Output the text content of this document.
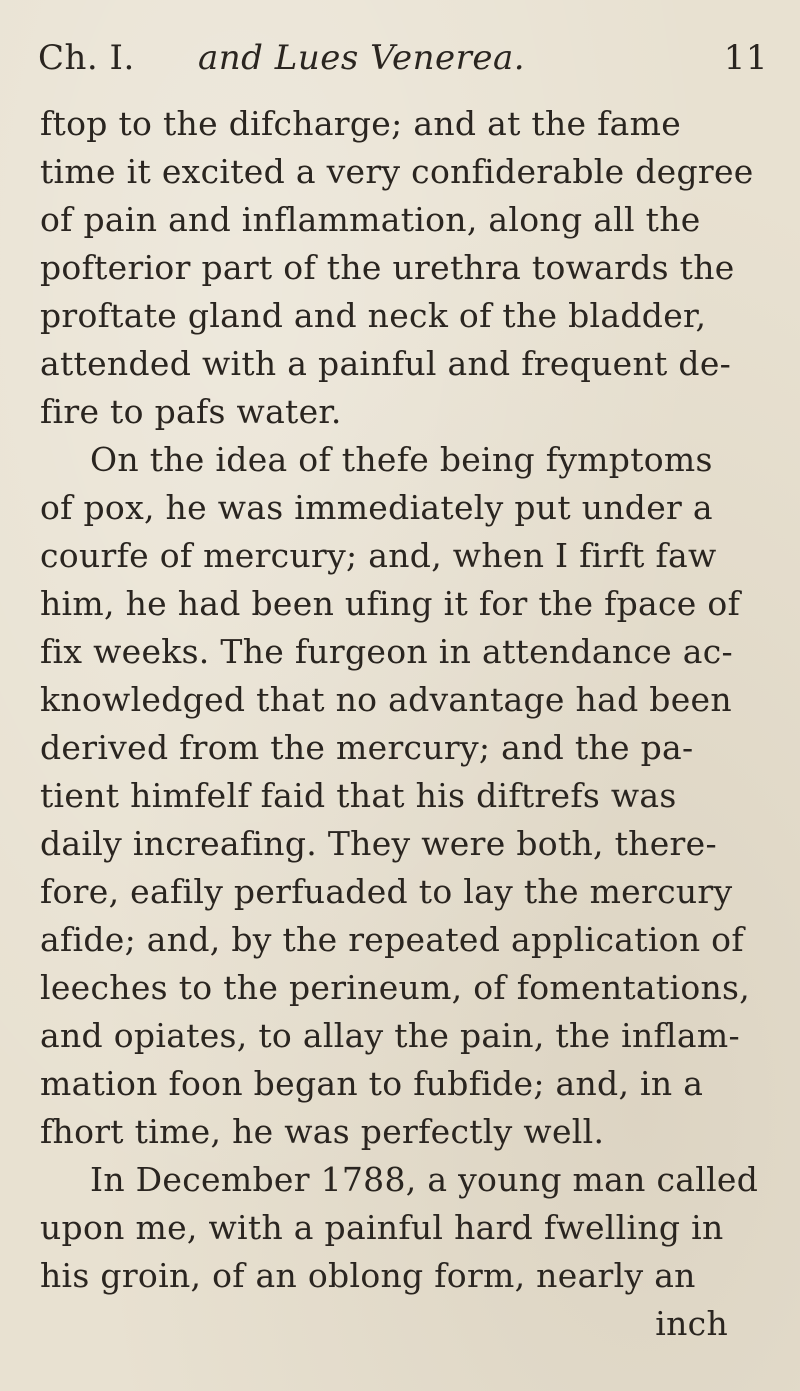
Ch. I. and Lues Venerea.	11
ftop to the difcharge; and at the fame
time it excited a very confiderable degree
of pain and inflammation, along all the
pofterior part of the urethra towards the
proftate gland and neck of the bladder,
attended with a painful and frequent de-
fire to pafs water.
On the idea of thefe being fymptoms
of pox, he was immediately put under a
courfe of mercury; and, when I firft faw
him, he had been ufing it for the fpace of
fix weeks. The furgeon in attendance ac-
knowledged that no advantage had been
derived from the mercury; and the pa-
tient himfelf faid that his diftrefs was
daily increafing. They were both, there-
fore, eafily perfuaded to lay the mercury
afide; and, by the repeated application of
leeches to the perineum, of fomentations,
and opiates, to allay the pain, the inflam-
mation foon began to fubfide; and, in a
fhort time, he was perfectly well.
In December 1788, a young man called
upon me, with a painful hard fwelling in
his groin, of an oblong form, nearly an
inch
